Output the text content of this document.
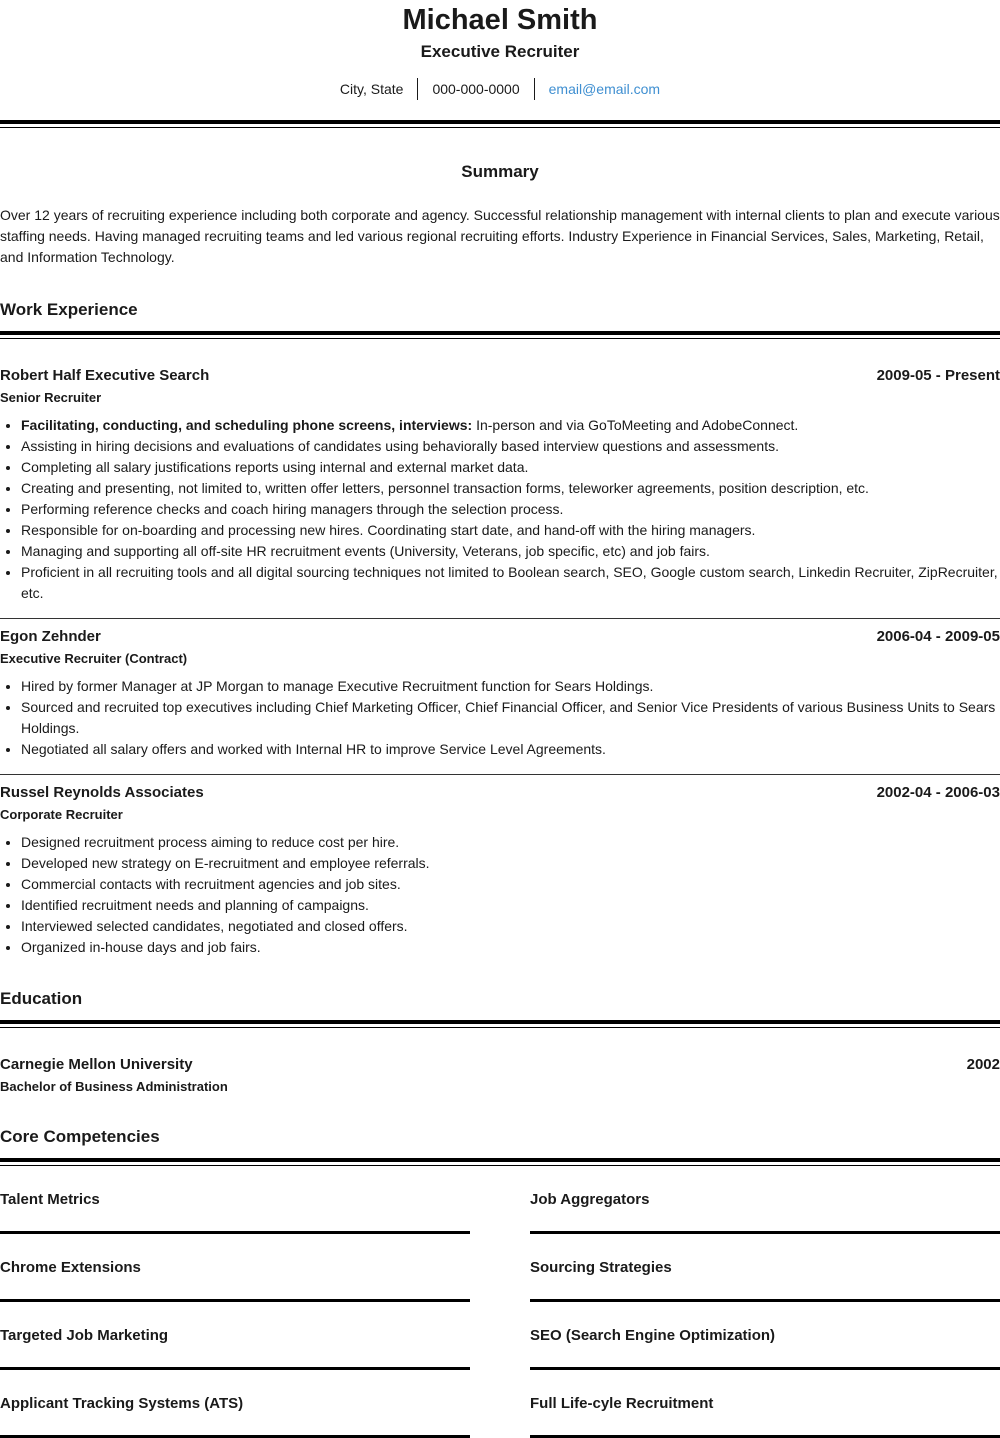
Michael Smith
Executive Recruiter
City, State	000-000-0000	email@email.com
Summary
Over 12 years of recruiting experience including both corporate and agency. Successful relationship management with internal clients to plan and execute various staffing needs. Having managed recruiting teams and led various regional recruiting efforts. Industry Experience in Financial Services, Sales, Marketing, Retail, and Information Technology.
Work Experience
Robert Half Executive Search	2009-05 - Present
Senior Recruiter
• Facilitating, conducting, and scheduling phone screens, interviews: In-person and via GoToMeeting and AdobeConnect.
• Assisting in hiring decisions and evaluations of candidates using behaviorally based interview questions and assessments.
• Completing all salary justifications reports using internal and external market data.
• Creating and presenting, not limited to, written offer letters, personnel transaction forms, teleworker agreements, position description, etc.
• Performing reference checks and coach hiring managers through the selection process.
• Responsible for on-boarding and processing new hires. Coordinating start date, and hand-off with the hiring managers.
• Managing and supporting all off-site HR recruitment events (University, Veterans, job specific, etc) and job fairs.
• Proficient in all recruiting tools and all digital sourcing techniques not limited to Boolean search, SEO, Google custom search, Linkedin Recruiter, ZipRecruiter, etc.
Egon Zehnder	2006-04 - 2009-05
Executive Recruiter (Contract)
• Hired by former Manager at JP Morgan to manage Executive Recruitment function for Sears Holdings.
• Sourced and recruited top executives including Chief Marketing Officer, Chief Financial Officer, and Senior Vice Presidents of various Business Units to Sears Holdings.
• Negotiated all salary offers and worked with Internal HR to improve Service Level Agreements.
Russel Reynolds Associates	2002-04 - 2006-03
Corporate Recruiter
• Designed recruitment process aiming to reduce cost per hire.
• Developed new strategy on E-recruitment and employee referrals.
• Commercial contacts with recruitment agencies and job sites.
• Identified recruitment needs and planning of campaigns.
• Interviewed selected candidates, negotiated and closed offers.
• Organized in-house days and job fairs.
Education
Carnegie Mellon University	2002
Bachelor of Business Administration
Core Competencies
Talent Metrics	Job Aggregators
Chrome Extensions	Sourcing Strategies
Targeted Job Marketing	SEO (Search Engine Optimization)
Applicant Tracking Systems (ATS)	Full Life-cyle Recruitment
